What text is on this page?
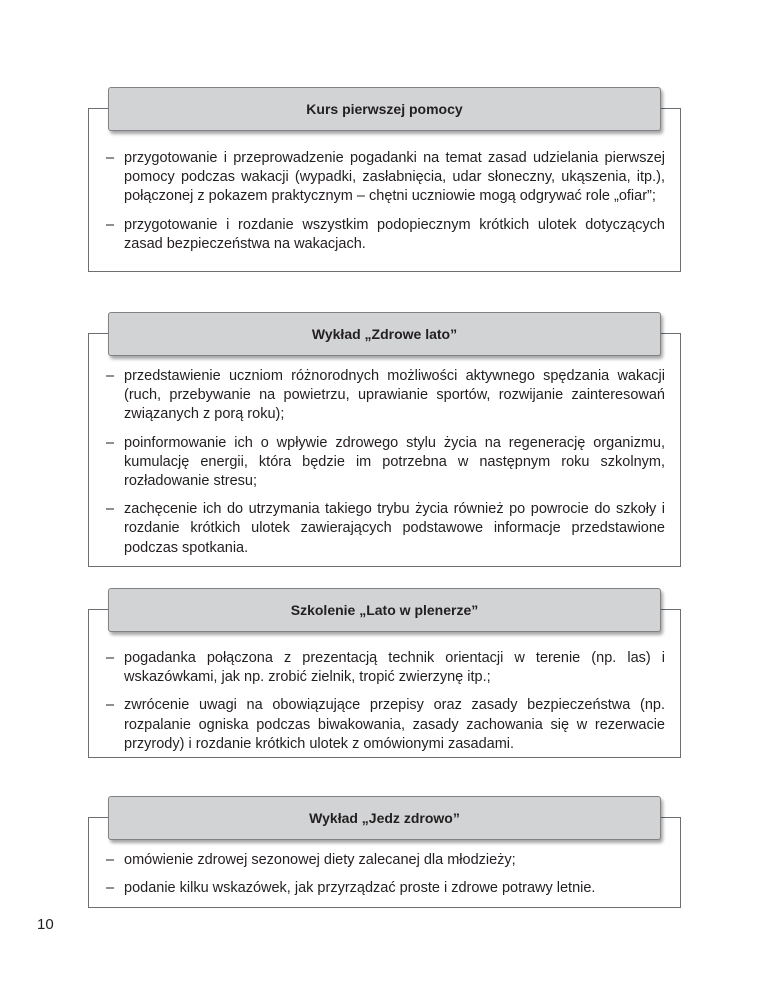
Kurs pierwszej pomocy
– przygotowanie i przeprowadzenie pogadanki na temat zasad udzielania pierwszej pomocy podczas wakacji (wypadki, zasłabnięcia, udar słoneczny, ukąszenia, itp.), połączonej z pokazem praktycznym – chętni uczniowie mogą odgrywać role „ofiar”;
– przygotowanie i rozdanie wszystkim podopiecznym krótkich ulotek dotyczących zasad bezpieczeństwa na wakacjach.
Wykład „Zdrowe lato”
– przedstawienie uczniom różnorodnych możliwości aktywnego spędzania wakacji (ruch, przebywanie na powietrzu, uprawianie sportów, rozwijanie zainteresowań związanych z porą roku);
– poinformowanie ich o wpływie zdrowego stylu życia na regenerację organizmu, kumulację energii, która będzie im potrzebna w następnym roku szkolnym, rozładowanie stresu;
– zachęcenie ich do utrzymania takiego trybu życia również po powrocie do szkoły i rozdanie krótkich ulotek zawierających podstawowe informacje przedstawione podczas spotkania.
Szkolenie „Lato w plenerze”
– pogadanka połączona z prezentacją technik orientacji w terenie (np. las) i wskazówkami, jak np. zrobić zielnik, tropić zwierzynę itp.;
– zwrócenie uwagi na obowiązujące przepisy oraz zasady bezpieczeństwa (np. rozpalanie ogniska podczas biwakowania, zasady zachowania się w rezerwacie przyrody) i rozdanie krótkich ulotek z omówionymi zasadami.
Wykład „Jedz zdrowo”
– omówienie zdrowej sezonowej diety zalecanej dla młodzieży;
– podanie kilku wskazówek, jak przyrządzać proste i zdrowe potrawy letnie.
10
